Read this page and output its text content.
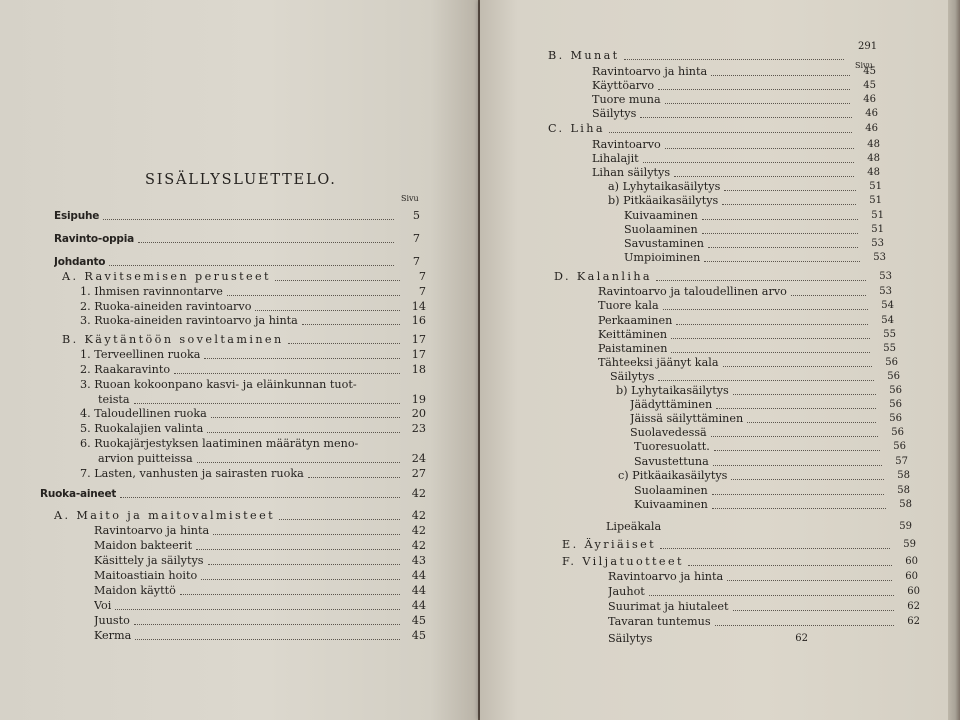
SISÄLLYSLUETTELO.
Sivu
291
Sivu
Esipuhe	5
Ravinto-oppia	7
Johdanto	7
A. Ravitsemisen perusteet	7
1. Ihmisen ravinnontarve	7
2. Ruoka-aineiden ravintoarvo	14
3. Ruoka-aineiden ravintoarvo ja hinta	16
B. Käytäntöön soveltaminen	17
1. Terveellinen ruoka	17
2. Raakaravinto	18
3. Ruoan kokoonpano kasvi- ja eläinkunnan tuot-
teista	19
4. Taloudellinen ruoka	20
5. Ruokalajien valinta	23
6. Ruokajärjestyksen laatiminen määrätyn meno-
arvion puitteissa	24
7. Lasten, vanhusten ja sairasten ruoka	27
Ruoka-aineet	42
A. Maito ja maitovalmisteet	42
Ravintoarvo ja hinta	42
Maidon bakteerit	42
Käsittely ja säilytys	43
Maitoastiain hoito	44
Maidon käyttö	44
Voi	44
Juusto	45
Kerma	45
B. Munat
Ravintoarvo ja hinta	45
Käyttöarvo	45
Tuore muna	46
Säilytys	46
C. Liha	46
Ravintoarvo	48
Lihalajit	48
Lihan säilytys	48
a) Lyhytaikasäilytys	51
b) Pitkäaikasäilytys	51
Kuivaaminen	51
Suolaaminen	51
Savustaminen	53
Umpioiminen	53
D. Kalanliha	53
Ravintoarvo ja taloudellinen arvo	53
Tuore kala	54
Perkaaminen	54
Keittäminen	55
Paistaminen	55
Tähteeksi jäänyt kala	56
Säilytys	56
b) Lyhytaikasäilytys	56
Jäädyttäminen	56
Jäissä säilyttäminen	56
Suolavedessä	56
Tuoresuolatt.	56
Savustettuna	57
c) Pitkäaikasäilytys	58
Suolaaminen	58
Kuivaaminen	58
Lipeäkala	59
E. Äyriäiset	59
F. Viljatuotteet	60
Ravintoarvo ja hinta	60
Jauhot	60
Suurimat ja hiutaleet	62
Tavaran tuntemus	62
Säilytys	62
